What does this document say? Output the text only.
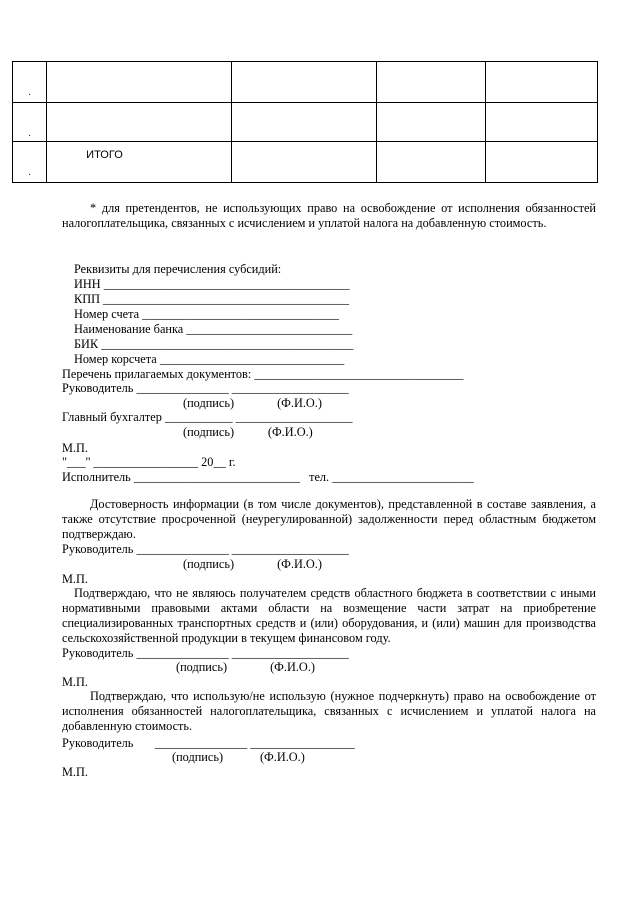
.				

.				

.	ИТОГО			

* для претендентов, не использующих право на освобождение от исполнения обязанностей налогоплательщика, связанных с исчислением и уплатой налога на добавленную стоимость.
Реквизиты для перечисления субсидий:
ИНН ________________________________________
КПП ________________________________________
Номер счета ________________________________
Наименование банка ___________________________
БИК _________________________________________
Номер корсчета ______________________________
Перечень прилагаемых документов: __________________________________
Руководитель _______________ ___________________
(подпись)              (Ф.И.О.)
Главный бухгалтер ___________ ___________________
(подпись)           (Ф.И.О.)
М.П.
"___" _________________ 20__ г.
Исполнитель ___________________________   тел. _______________________
Достоверность информации (в том числе документов), представленной в составе заявления, а также отсутствие просроченной (неурегулированной) задолженности перед областным бюджетом подтверждаю.
Руководитель _______________ ___________________
(подпись)              (Ф.И.О.)
М.П.
Подтверждаю, что не являюсь получателем средств областного бюджета в соответствии с иными нормативными правовыми актами области на возмещение части затрат на приобретение специализированных транспортных средств и (или) оборудования, и (или) машин для производства сельскохозяйственной продукции в текущем финансовом году.
Руководитель _______________ ___________________
(подпись)              (Ф.И.О.)
М.П.
Подтверждаю, что использую/не использую (нужное подчеркнуть) право на освобождение от исполнения обязанностей налогоплательщика, связанных с исчислением и уплатой налога на добавленную стоимость.
Руководитель       _______________ _________________
(подпись)            (Ф.И.О.)
М.П.
